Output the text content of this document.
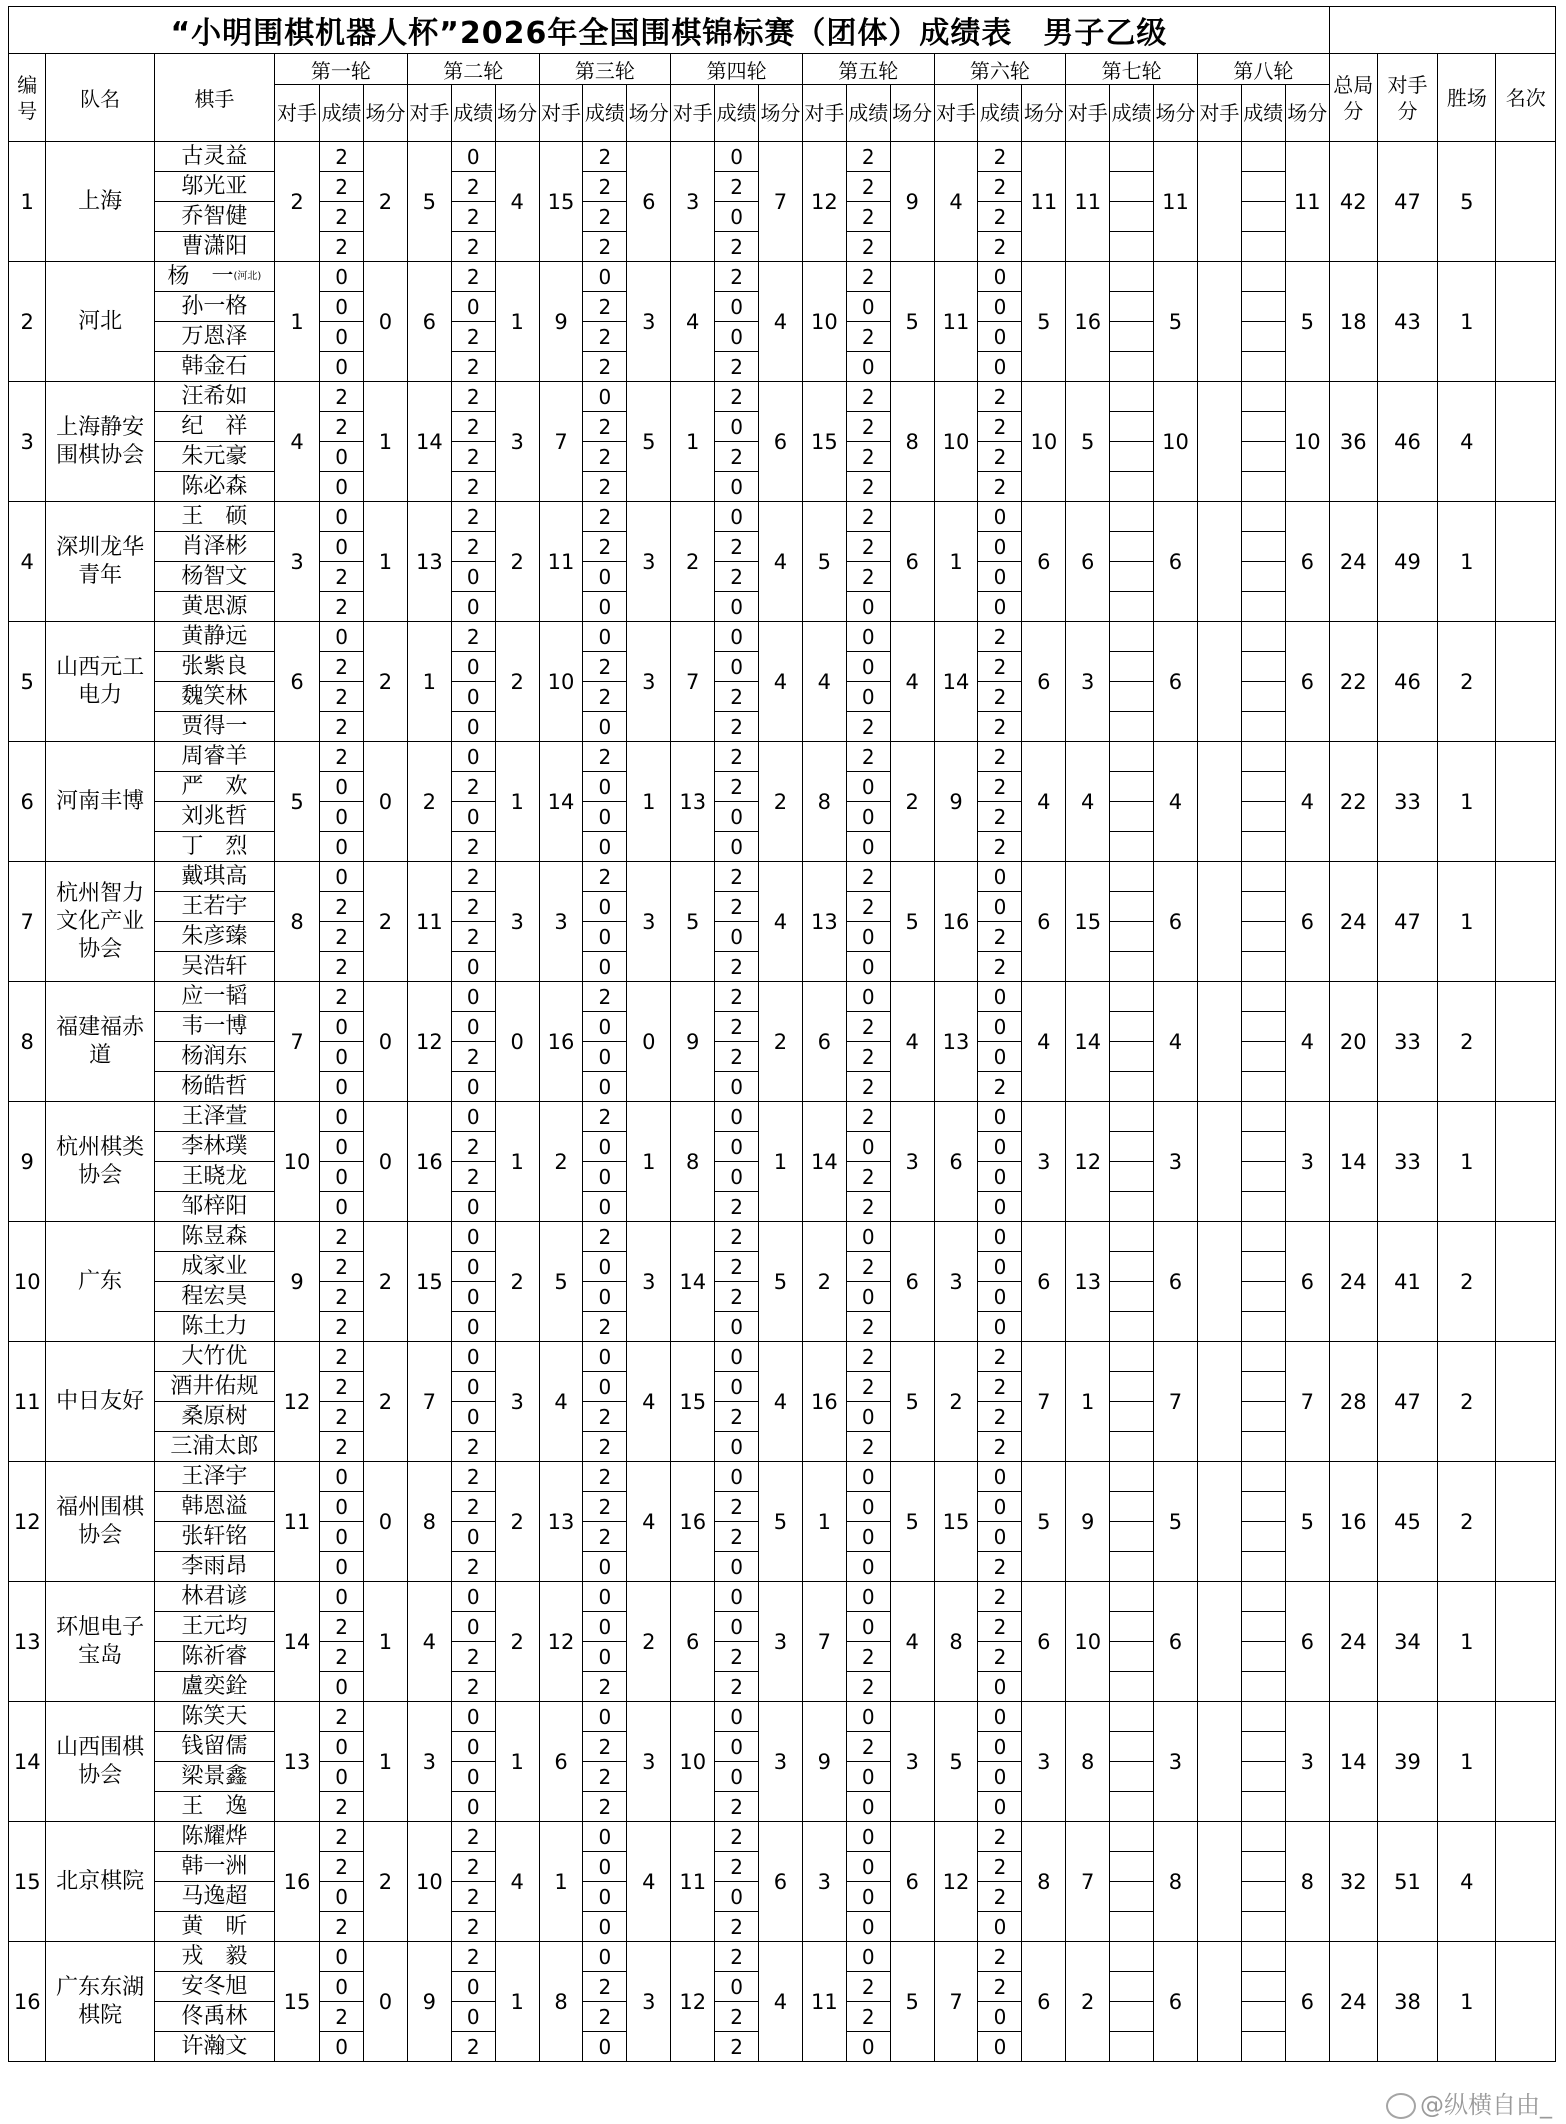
“小明围棋机器人杯”2026年全国围棋锦标赛（团体）成绩表　男子乙级																														
编号	队名	棋手	第一轮			第二轮			第三轮			第四轮			第五轮			第六轮			第七轮			第八轮			总局分	对手分	胜场	名次
			对手	成绩	场分	对手	成绩	场分	对手	成绩	场分	对手	成绩	场分	对手	成绩	场分	对手	成绩	场分	对手	成绩	场分	对手	成绩	场分				
1	上海	古灵益	2	2	2	5	0	4	15	2	6	3	0	7	12	2	9	4	2	11	11		11			11	42	47	5	
		邬光亚		2			2			2			2			2			2											
		乔智健		2			2			2			0			2			2											
		曹潇阳		2			2			2			2			2			2											
2	河北	杨　一(河北)	1	0	0	6	2	1	9	0	3	4	2	4	10	2	5	11	0	5	16		5			5	18	43	1	
		孙一格		0			0			2			0			0			0											
		万恩泽		0			2			2			0			2			0											
		韩金石		0			2			2			2			0			0											
3	上海静安围棋协会	汪希如	4	2	1	14	2	3	7	0	5	1	2	6	15	2	8	10	2	10	5		10			10	36	46	4	
		纪　祥		2			2			2			0			2			2											
		朱元豪		0			2			2			2			2			2											
		陈必森		0			2			2			0			2			2											
4	深圳龙华青年	王　硕	3	0	1	13	2	2	11	2	3	2	0	4	5	2	6	1	0	6	6		6			6	24	49	1	
		肖泽彬		0			2			2			2			2			0											
		杨智文		2			0			0			2			2			0											
		黄思源		2			0			0			0			0			0											
5	山西元工电力	黄静远	6	0	2	1	2	2	10	0	3	7	0	4	4	0	4	14	2	6	3		6			6	22	46	2	
		张紫良		2			0			2			0			0			2											
		魏笑林		2			0			2			2			0			2											
		贾得一		2			0			0			2			2			2											
6	河南丰博	周睿羊	5	2	0	2	0	1	14	2	1	13	2	2	8	2	2	9	2	4	4		4			4	22	33	1	
		严　欢		0			2			0			2			0			2											
		刘兆哲		0			0			0			0			0			2											
		丁　烈		0			2			0			0			0			2											
7	杭州智力文化产业协会	戴琪高	8	0	2	11	2	3	3	2	3	5	2	4	13	2	5	16	0	6	15		6			6	24	47	1	
		王若宇		2			2			0			2			2			0											
		朱彦臻		2			2			0			0			0			2											
		吴浩轩		2			0			0			2			0			2											
8	福建福赤道	应一韬	7	2	0	12	0	0	16	2	0	9	2	2	6	0	4	13	0	4	14		4			4	20	33	2	
		韦一博		0			0			0			2			2			0											
		杨润东		0			2			0			2			2			0											
		杨皓哲		0			0			0			0			2			2											
9	杭州棋类协会	王泽萱	10	0	0	16	0	1	2	2	1	8	0	1	14	2	3	6	0	3	12		3			3	14	33	1	
		李林璞		0			2			0			0			0			0											
		王晓龙		0			2			0			0			2			0											
		邹梓阳		0			0			0			2			2			0											
10	广东	陈昱森	9	2	2	15	0	2	5	2	3	14	2	5	2	0	6	3	0	6	13		6			6	24	41	2	
		成家业		2			0			0			2			2			0											
		程宏昊		2			0			0			2			0			0											
		陈土力		2			0			2			0			2			0											
11	中日友好	大竹优	12	2	2	7	0	3	4	0	4	15	0	4	16	2	5	2	2	7	1		7			7	28	47	2	
		酒井佑规		2			0			0			0			2			2											
		桑原树		2			0			2			2			0			2											
		三浦太郎		2			2			2			0			2			2											
12	福州围棋协会	王泽宇	11	0	0	8	2	2	13	2	4	16	0	5	1	0	5	15	0	5	9		5			5	16	45	2	
		韩恩溢		0			2			2			2			0			0											
		张轩铭		0			0			2			2			0			0											
		李雨昂		0			2			0			0			0			2											
13	环旭电子宝岛	林君谚	14	0	1	4	0	2	12	0	2	6	0	3	7	0	4	8	2	6	10		6			6	24	34	1	
		王元均		2			0			0			0			0			2											
		陈祈睿		2			2			0			2			2			2											
		盧奕銓		0			2			2			2			2			0											
14	山西围棋协会	陈笑天	13	2	1	3	0	1	6	0	3	10	0	3	9	0	3	5	0	3	8		3			3	14	39	1	
		钱留儒		0			0			2			0			2			0											
		梁景鑫		0			0			2			0			0			0											
		王　逸		2			0			2			2			0			0											
15	北京棋院	陈耀烨	16	2	2	10	2	4	1	0	4	11	2	6	3	0	6	12	2	8	7		8			8	32	51	4	
		韩一洲		2			2			0			2			0			2											
		马逸超		0			2			0			0			0			2											
		黄　昕		2			2			0			2			0			0											
16	广东东湖棋院	戎　毅	15	0	0	9	2	1	8	0	3	12	2	4	11	0	5	7	2	6	2		6			6	24	38	1	
		安冬旭		0			0			2			0			2			2											
		佟禹林		2			0			2			2			2			0											
		许瀚文		0			2			0			2			0			0											
@纵横自由_
